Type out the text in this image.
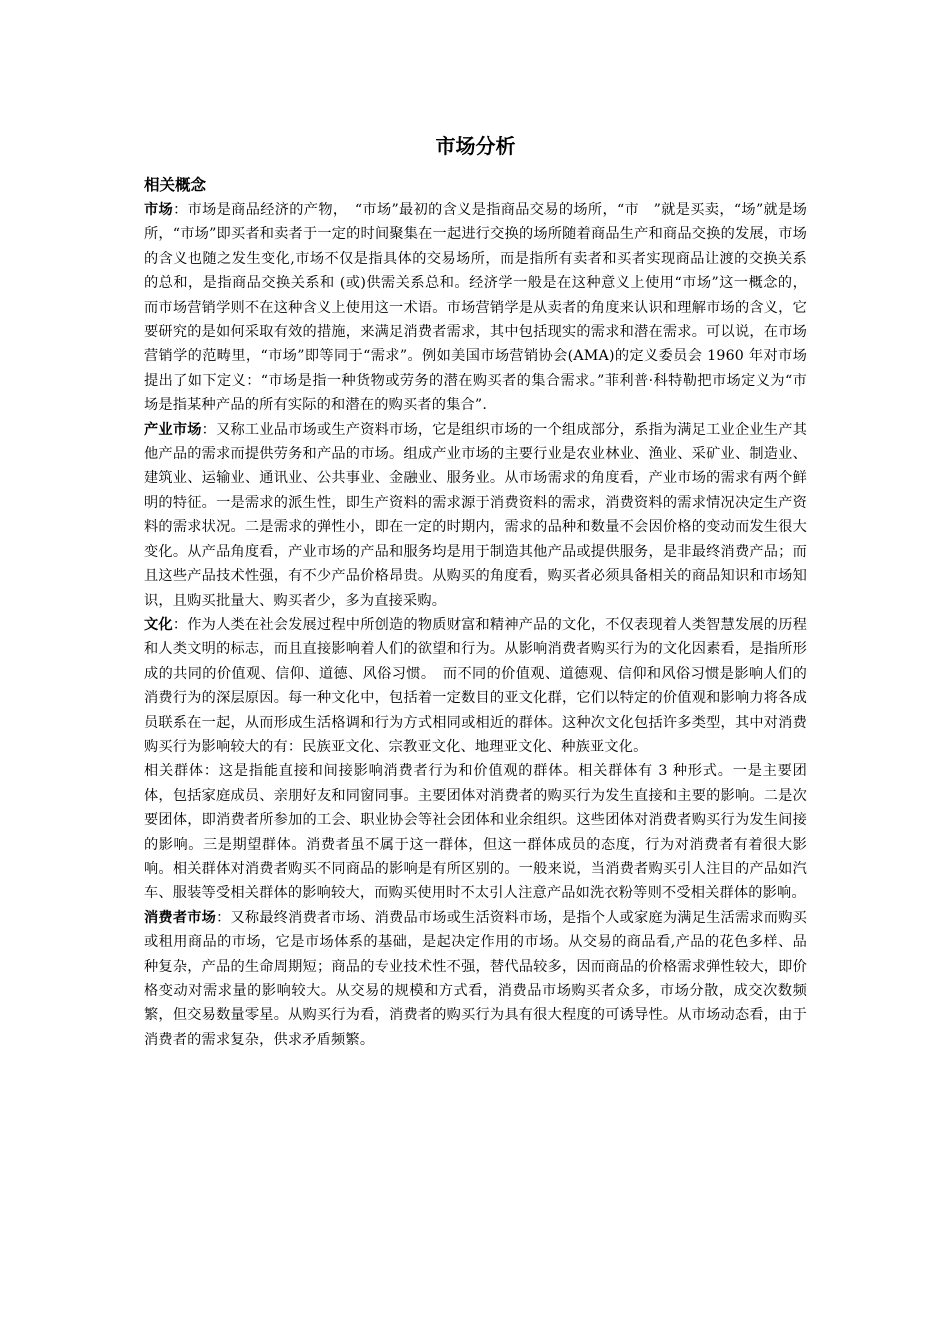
市场分析
相关概念

市场：市场是商品经济的产物，　“市场”最初的含义是指商品交易的场所，“市　”就是买卖，“场”就是场所，“市场”即买者和卖者于一定的时间聚集在一起进行交换的场所随着商品生产和商品交换的发展，市场的含义也随之发生变化,市场不仅是指具体的交易场所，而是指所有卖者和买者实现商品让渡的交换关系的总和，是指商品交换关系和 (或)供需关系总和。经济学一般是在这种意义上使用“市场”这一概念的，而市场营销学则不在这种含义上使用这一术语。市场营销学是从卖者的角度来认识和理解市场的含义，它要研究的是如何采取有效的措施，来满足消费者需求，其中包括现实的需求和潜在需求。可以说，在市场营销学的范畴里，“市场”即等同于“需求”。例如美国市场营销协会(AMA)的定义委员会 1960 年对市场提出了如下定义：“市场是指一种货物或劳务的潜在购买者的集合需求。”菲利普·科特勒把市场定义为“市场是指某种产品的所有实际的和潜在的购买者的集合”.

产业市场：又称工业品市场或生产资料市场，它是组织市场的一个组成部分，系指为满足工业企业生产其他产品的需求而提供劳务和产品的市场。组成产业市场的主要行业是农业林业、渔业、采矿业、制造业、建筑业、运输业、通讯业、公共事业、金融业、服务业。从市场需求的角度看，产业市场的需求有两个鲜明的特征。一是需求的派生性，即生产资料的需求源于消费资料的需求，消费资料的需求情况决定生产资料的需求状况。二是需求的弹性小，即在一定的时期内，需求的品种和数量不会因价格的变动而发生很大变化。从产品角度看，产业市场的产品和服务均是用于制造其他产品或提供服务，是非最终消费产品；而且这些产品技术性强，有不少产品价格昂贵。从购买的角度看，购买者必须具备相关的商品知识和市场知识，且购买批量大、购买者少，多为直接采购。

文化：作为人类在社会发展过程中所创造的物质财富和精神产品的文化，不仅表现着人类智慧发展的历程和人类文明的标志，而且直接影响着人们的欲望和行为。从影响消费者购买行为的文化因素看，是指所形成的共同的价值观、信仰、道德、风俗习惯。　而不同的价值观、道德观、信仰和风俗习惯是影响人们的消费行为的深层原因。每一种文化中，包括着一定数目的亚文化群，它们以特定的价值观和影响力将各成员联系在一起，从而形成生活格调和行为方式相同或相近的群体。这种次文化包括许多类型，其中对消费购买行为影响较大的有：民族亚文化、宗教亚文化、地理亚文化、种族亚文化。

相关群体：这是指能直接和间接影响消费者行为和价值观的群体。相关群体有 3 种形式。一是主要团体，包括家庭成员、亲朋好友和同窗同事。主要团体对消费者的购买行为发生直接和主要的影响。二是次要团体，即消费者所参加的工会、职业协会等社会团体和业余组织。这些团体对消费者购买行为发生间接的影响。三是期望群体。消费者虽不属于这一群体，但这一群体成员的态度，行为对消费者有着很大影响。相关群体对消费者购买不同商品的影响是有所区别的。一般来说，当消费者购买引人注目的产品如汽车、服装等受相关群体的影响较大，而购买使用时不太引人注意产品如洗衣粉等则不受相关群体的影响。

消费者市场：又称最终消费者市场、消费品市场或生活资料市场，是指个人或家庭为满足生活需求而购买或租用商品的市场，它是市场体系的基础，是起决定作用的市场。从交易的商品看,产品的花色多样、品种复杂，产品的生命周期短；商品的专业技术性不强，替代品较多，因而商品的价格需求弹性较大，即价格变动对需求量的影响较大。从交易的规模和方式看，消费品市场购买者众多，市场分散，成交次数频繁，但交易数量零星。从购买行为看，消费者的购买行为具有很大程度的可诱导性。从市场动态看，由于消费者的需求复杂，供求矛盾频繁。
